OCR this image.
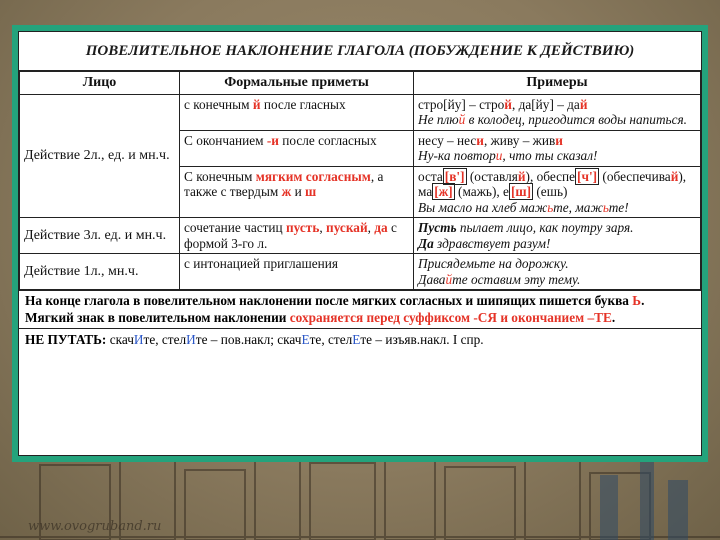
www.ovogruband.ru
ПОВЕЛИТЕЛЬНОЕ НАКЛОНЕНИЕ ГЛАГОЛА (ПОБУЖДЕНИЕ К ДЕЙСТВИЮ)
Лицо	Формальные приметы	Примеры
Действие 2л., ед. и мн.ч.	с конечным й после гласных	стро[йу] – строй, да[йу] – дай
Не плюй в колодец, пригодится воды напиться.

	С окончанием -и после согласных	несу – неси, живу – живи
Ну-ка повтори, что ты сказал!

	С конечным мягким согласным, а также с твердым ж и ш	оста [в'] (оставляй), обеспе [ч'] (обеспечивай), ма [ж] (мажь), е [ш] (ешь)
Вы масло на хлеб мажьте, мажьте!

Действие 3л. ед. и мн.ч.	сочетание частиц пусть, пускай, да с формой 3-го л.	Пусть пылает лицо, как поутру заря.
Да здравствует разум!

Действие 1л., мн.ч.	с интонацией приглашения	Присядемьте на дорожку.
Давайте оставим эту тему.
На конце глагола в повелительном наклонении после мягких согласных и шипящих пишется буква Ь. Мягкий знак в повелительном наклонении сохраняется перед суффиксом -СЯ и окончанием –ТЕ.
НЕ ПУТАТЬ: скачИте, стелИте – пов.накл; скачЕте, стелЕте – изъяв.накл. I спр.
